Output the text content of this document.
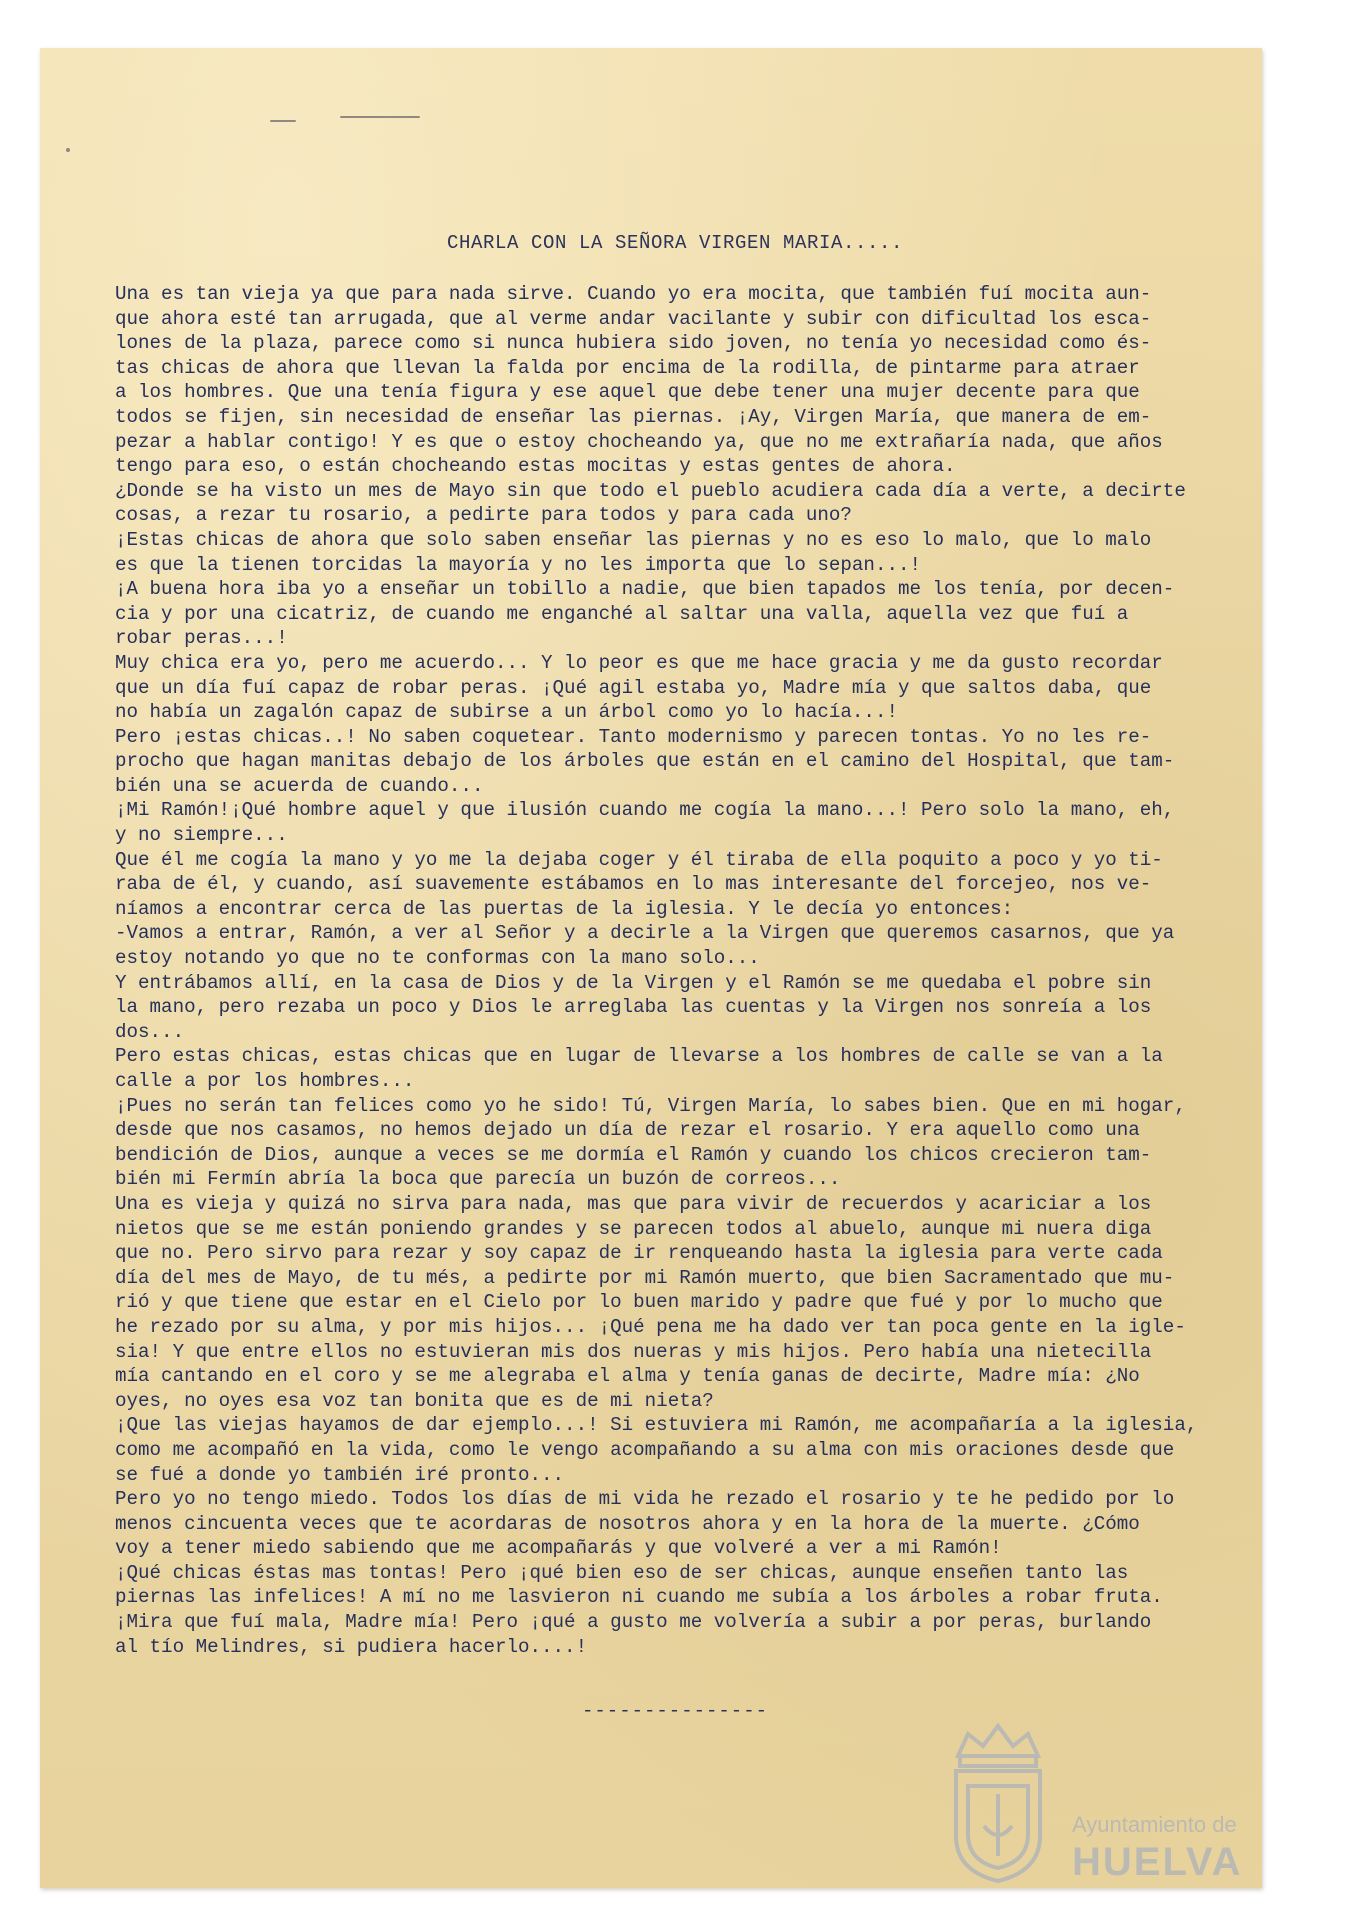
CHARLA CON LA SEÑORA VIRGEN MARIA.....
Una es tan vieja ya que para nada sirve. Cuando yo era mocita, que también fuí mocita aun-
que ahora esté tan arrugada, que al verme andar vacilante y subir con dificultad los esca-
lones de la plaza, parece como si nunca hubiera sido joven, no tenía yo necesidad como és-
tas chicas de ahora que llevan la falda por encima de la rodilla, de pintarme para atraer
a los hombres. Que una tenía figura y ese aquel que debe tener una mujer decente para que
todos se fijen, sin necesidad de enseñar las piernas. ¡Ay, Virgen María, que manera de em-
pezar a hablar contigo! Y es que o estoy chocheando ya, que no me extrañaría nada, que años
tengo para eso, o están chocheando estas mocitas y estas gentes de ahora.
¿Donde se ha visto un mes de Mayo sin que todo el pueblo acudiera cada día a verte, a decirte
cosas, a rezar tu rosario, a pedirte para todos y para cada uno?
¡Estas chicas de ahora que solo saben enseñar las piernas y no es eso lo malo, que lo malo
es que la tienen torcidas la mayoría y no les importa que lo sepan...!
¡A buena hora iba yo a enseñar un tobillo a nadie, que bien tapados me los tenía, por decen-
cia y por una cicatriz, de cuando me enganché al saltar una valla, aquella vez que fuí a
robar peras...!
Muy chica era yo, pero me acuerdo... Y lo peor es que me hace gracia y me da gusto recordar
que un día fuí capaz de robar peras. ¡Qué agil estaba yo, Madre mía y que saltos daba, que
no había un zagalón capaz de subirse a un árbol como yo lo hacía...!
Pero ¡estas chicas..! No saben coquetear. Tanto modernismo y parecen tontas. Yo no les re-
procho que hagan manitas debajo de los árboles que están en el camino del Hospital, que tam-
bién una se acuerda de cuando...
¡Mi Ramón!¡Qué hombre aquel y que ilusión cuando me cogía la mano...! Pero solo la mano, eh,
y no siempre...
Que él me cogía la mano y yo me la dejaba coger y él tiraba de ella poquito a poco y yo ti-
raba de él, y cuando, así suavemente estábamos en lo mas interesante del forcejeo, nos ve-
níamos a encontrar cerca de las puertas de la iglesia. Y le decía yo entonces:
-Vamos a entrar, Ramón, a ver al Señor y a decirle a la Virgen que queremos casarnos, que ya
estoy notando yo que no te conformas con la mano solo...
Y entrábamos allí, en la casa de Dios y de la Virgen y el Ramón se me quedaba el pobre sin
la mano, pero rezaba un poco y Dios le arreglaba las cuentas y la Virgen nos sonreía a los
dos...
Pero estas chicas, estas chicas que en lugar de llevarse a los hombres de calle se van a la
calle a por los hombres...
¡Pues no serán tan felices como yo he sido! Tú, Virgen María, lo sabes bien. Que en mi hogar,
desde que nos casamos, no hemos dejado un día de rezar el rosario. Y era aquello como una
bendición de Dios, aunque a veces se me dormía el Ramón y cuando los chicos crecieron tam-
bién mi Fermín abría la boca que parecía un buzón de correos...
Una es vieja y quizá no sirva para nada, mas que para vivir de recuerdos y acariciar a los
nietos que se me están poniendo grandes y se parecen todos al abuelo, aunque mi nuera diga
que no. Pero sirvo para rezar y soy capaz de ir renqueando hasta la iglesia para verte cada
día del mes de Mayo, de tu més, a pedirte por mi Ramón muerto, que bien Sacramentado que mu-
rió y que tiene que estar en el Cielo por lo buen marido y padre que fué y por lo mucho que
he rezado por su alma, y por mis hijos... ¡Qué pena me ha dado ver tan poca gente en la igle-
sia! Y que entre ellos no estuvieran mis dos nueras y mis hijos. Pero había una nietecilla
mía cantando en el coro y se me alegraba el alma y tenía ganas de decirte, Madre mía: ¿No
oyes, no oyes esa voz tan bonita que es de mi nieta?
¡Que las viejas hayamos de dar ejemplo...! Si estuviera mi Ramón, me acompañaría a la iglesia,
como me acompañó en la vida, como le vengo acompañando a su alma con mis oraciones desde que
se fué a donde yo también iré pronto...
Pero yo no tengo miedo. Todos los días de mi vida he rezado el rosario y te he pedido por lo
menos cincuenta veces que te acordaras de nosotros ahora y en la hora de la muerte. ¿Cómo
voy a tener miedo sabiendo que me acompañarás y que volveré a ver a mi Ramón!
¡Qué chicas éstas mas tontas! Pero ¡qué bien eso de ser chicas, aunque enseñen tanto las
piernas las infelices! A mí no me lasvieron ni cuando me subía a los árboles a robar fruta.
¡Mira que fuí mala, Madre mía! Pero ¡qué a gusto me volvería a subir a por peras, burlando
al tío Melindres, si pudiera hacerlo....!
---------------
Ayuntamiento de
HUELVA
